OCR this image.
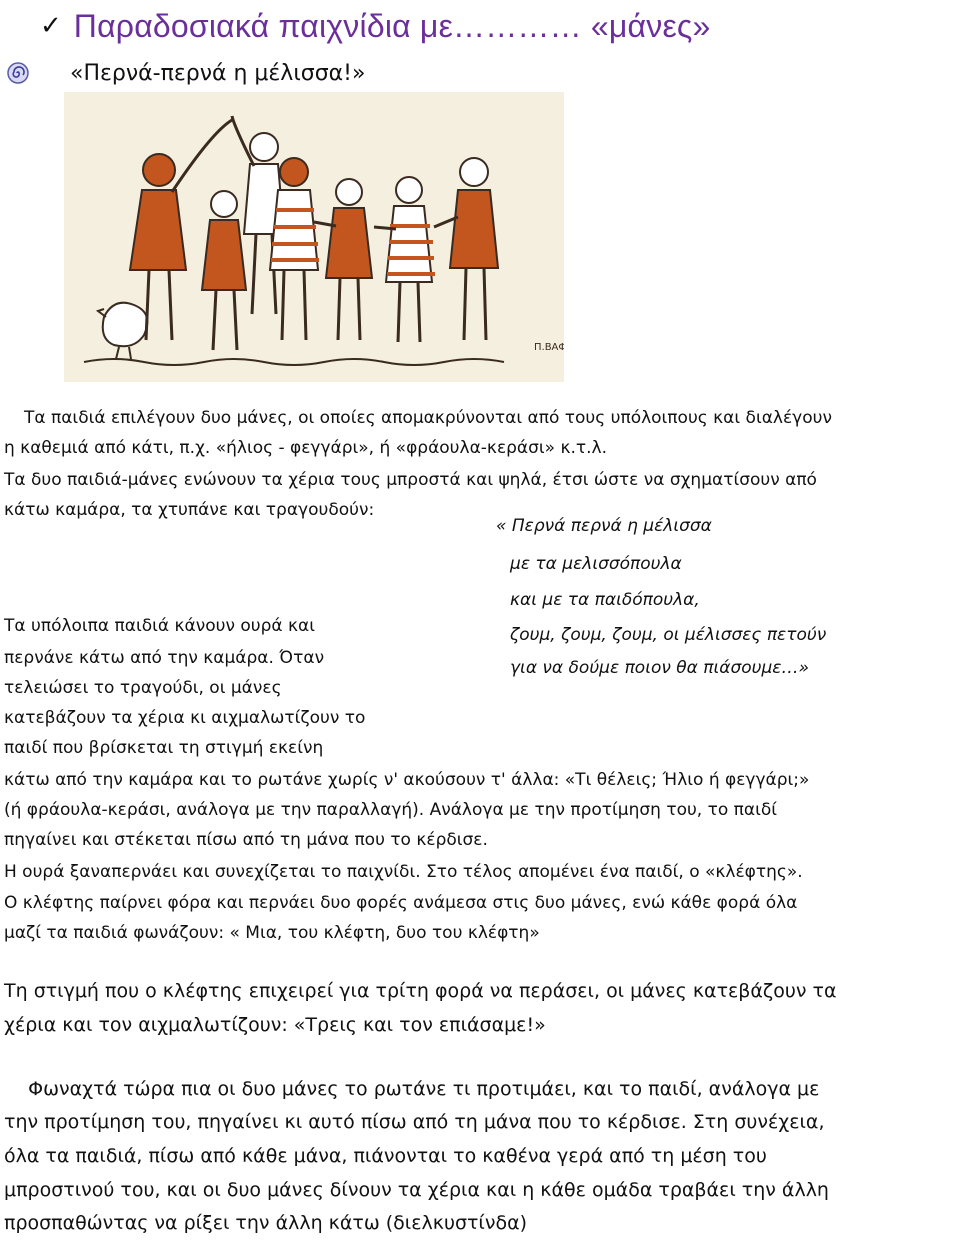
✓ Παραδοσιακά παιχνίδια με………… «μάνες»
«Περνά-περνά η μέλισσα!»
Π.ΒΑΦ
Τα παιδιά επιλέγουν δυο μάνες, οι οποίες απομακρύνονται από τους υπόλοιπους και διαλέγουν
η καθεμιά από κάτι, π.χ. «ήλιος - φεγγάρι», ή «φράουλα-κεράσι» κ.τ.λ.
Τα δυο παιδιά-μάνες ενώνουν τα χέρια τους μπροστά και ψηλά, έτσι ώστε να σχηματίσουν από
κάτω καμάρα, τα χτυπάνε και τραγουδούν:
« Περνά περνά η μέλισσα
με τα μελισσόπουλα
και με τα παιδόπουλα,
ζουμ, ζουμ, ζουμ, οι μέλισσες πετούν
για να δούμε ποιον θα πιάσουμε…»
Τα υπόλοιπα παιδιά κάνουν ουρά και
περνάνε κάτω από την καμάρα. Όταν
τελειώσει το τραγούδι, οι μάνες
κατεβάζουν τα χέρια κι αιχμαλωτίζουν το
παιδί που βρίσκεται τη στιγμή εκείνη
κάτω από την καμάρα και το ρωτάνε χωρίς ν' ακούσουν τ' άλλα: «Τι θέλεις; Ήλιο ή φεγγάρι;»
(ή φράουλα-κεράσι, ανάλογα με την παραλλαγή). Ανάλογα με την προτίμηση του, το παιδί
πηγαίνει και στέκεται πίσω από τη μάνα που το κέρδισε.
Η ουρά ξαναπερνάει και συνεχίζεται το παιχνίδι. Στο τέλος απομένει ένα παιδί, ο «κλέφτης».
Ο κλέφτης παίρνει φόρα και περνάει δυο φορές ανάμεσα στις δυο μάνες, ενώ κάθε φορά όλα
μαζί τα παιδιά φωνάζουν: « Μια, του κλέφτη, δυο του κλέφτη»
Τη στιγμή που ο κλέφτης επιχειρεί για τρίτη φορά να περάσει, οι μάνες κατεβάζουν τα
χέρια και τον αιχμαλωτίζουν: «Τρεις και τον επιάσαμε!»
Φωναχτά τώρα πια οι δυο μάνες το ρωτάνε τι προτιμάει, και το παιδί, ανάλογα με
την προτίμηση του, πηγαίνει κι αυτό πίσω από τη μάνα που το κέρδισε. Στη συνέχεια,
όλα τα παιδιά, πίσω από κάθε μάνα, πιάνονται το καθένα γερά από τη μέση του
μπροστινού του, και οι δυο μάνες δίνουν τα χέρια και η κάθε ομάδα τραβάει την άλλη
προσπαθώντας να ρίξει την άλλη κάτω (διελκυστίνδα)
